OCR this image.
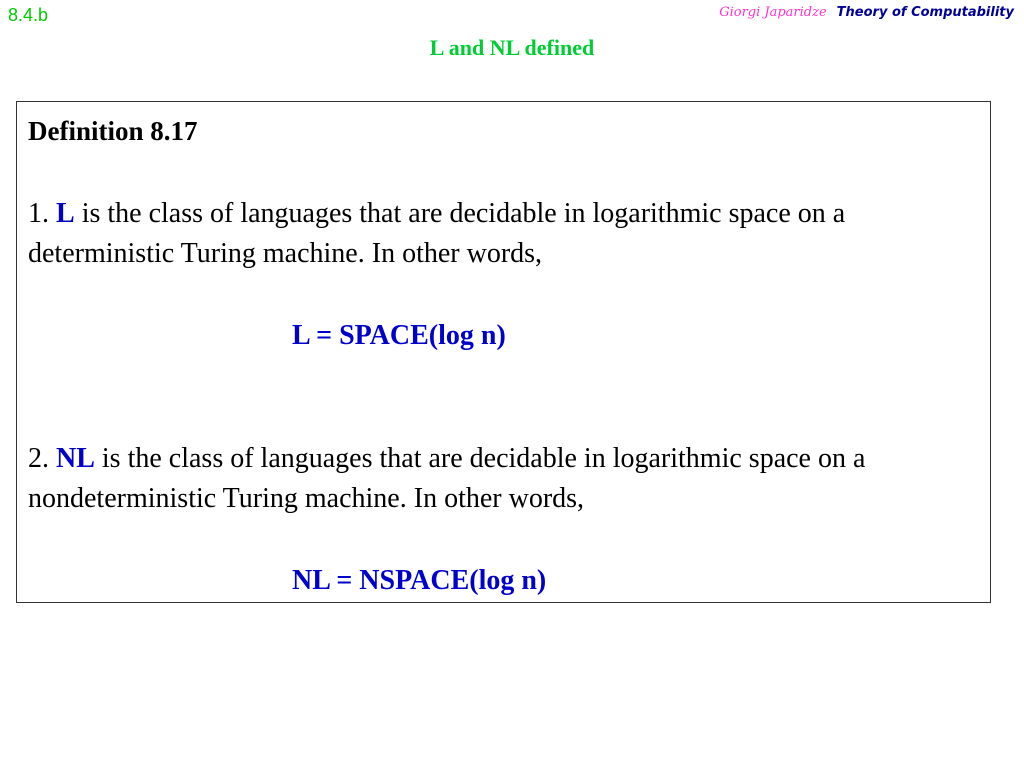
8.4.b	Giorgi Japaridze Theory of Computability
L and NL defined
Definition 8.17
1. L is the class of languages that are decidable in logarithmic space on a deterministic Turing machine. In other words,
L = SPACE(log n)
2. NL is the class of languages that are decidable in logarithmic space on a nondeterministic Turing machine. In other words,
NL = NSPACE(log n)
